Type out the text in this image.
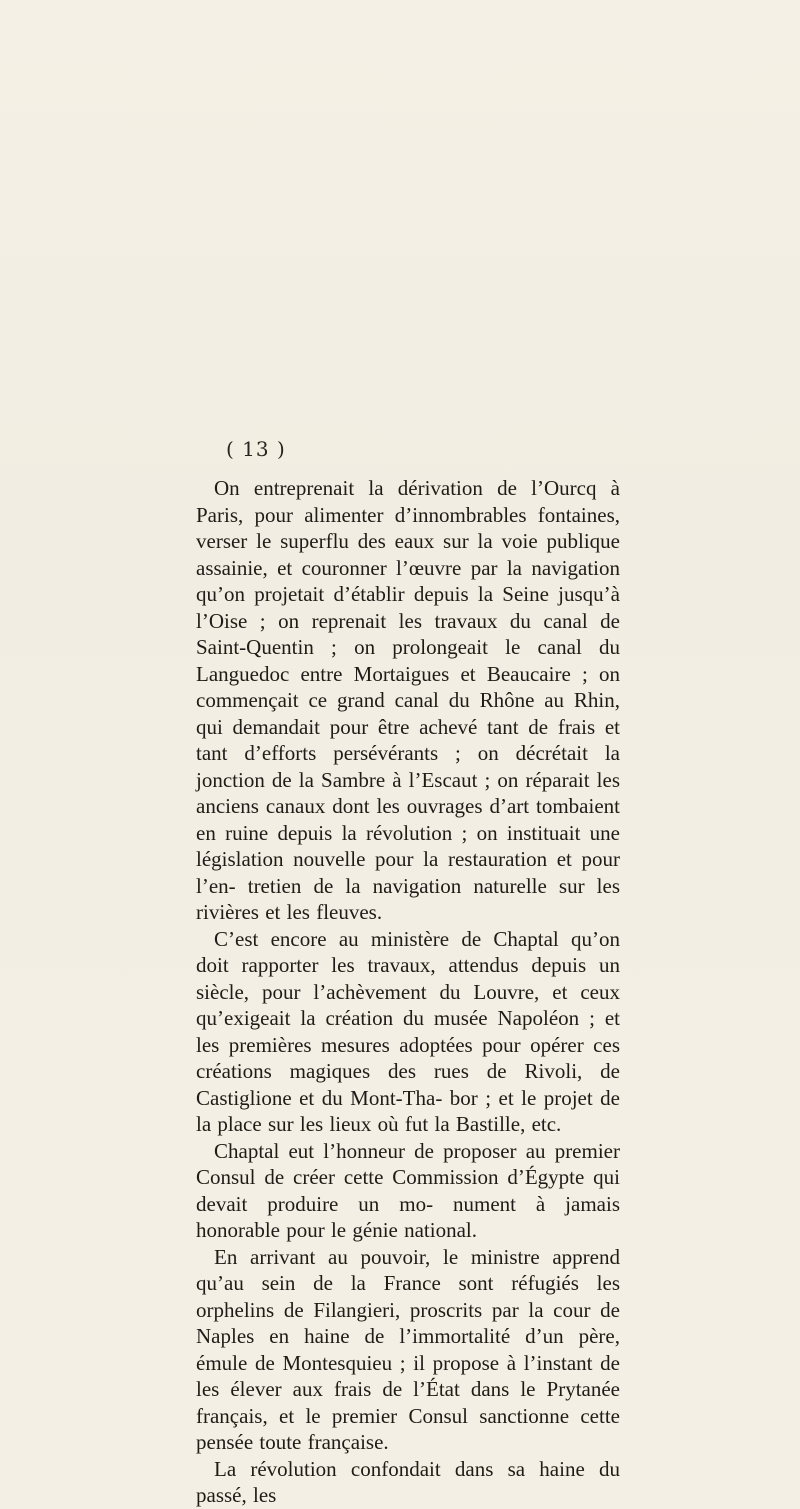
( 13 )

On entreprenait la dérivation de l’Ourcq à Paris, pour alimenter d’innombrables fontaines, verser le superflu des eaux sur la voie publique assainie, et couronner l’œuvre par la navigation qu’on projetait d’établir depuis la Seine jusqu’à l’Oise ; on reprenait les travaux du canal de Saint-Quentin ; on prolongeait le canal du Languedoc entre Mortaigues et Beaucaire ; on commençait ce grand canal du Rhône au Rhin, qui demandait pour être achevé tant de frais et tant d’efforts persévérants ; on décrétait la jonction de la Sambre à l’Escaut ; on réparait les anciens canaux dont les ouvrages d’art tombaient en ruine depuis la révolution ; on instituait une législation nouvelle pour la restauration et pour l’en- tretien de la navigation naturelle sur les rivières et les fleuves.

C’est encore au ministère de Chaptal qu’on doit rapporter les travaux, attendus depuis un siècle, pour l’achèvement du Louvre, et ceux qu’exigeait la création du musée Napoléon ; et les premières mesures adoptées pour opérer ces créations magiques des rues de Rivoli, de Castiglione et du Mont-Tha- bor ; et le projet de la place sur les lieux où fut la Bastille, etc.

Chaptal eut l’honneur de proposer au premier Consul de créer cette Commission d’Égypte qui devait produire un mo- nument à jamais honorable pour le génie national.

En arrivant au pouvoir, le ministre apprend qu’au sein de la France sont réfugiés les orphelins de Filangieri, proscrits par la cour de Naples en haine de l’immortalité d’un père, émule de Montesquieu ; il propose à l’instant de les élever aux frais de l’État dans le Prytanée français, et le premier Consul sanctionne cette pensée toute française.

La révolution confondait dans sa haine du passé, les
